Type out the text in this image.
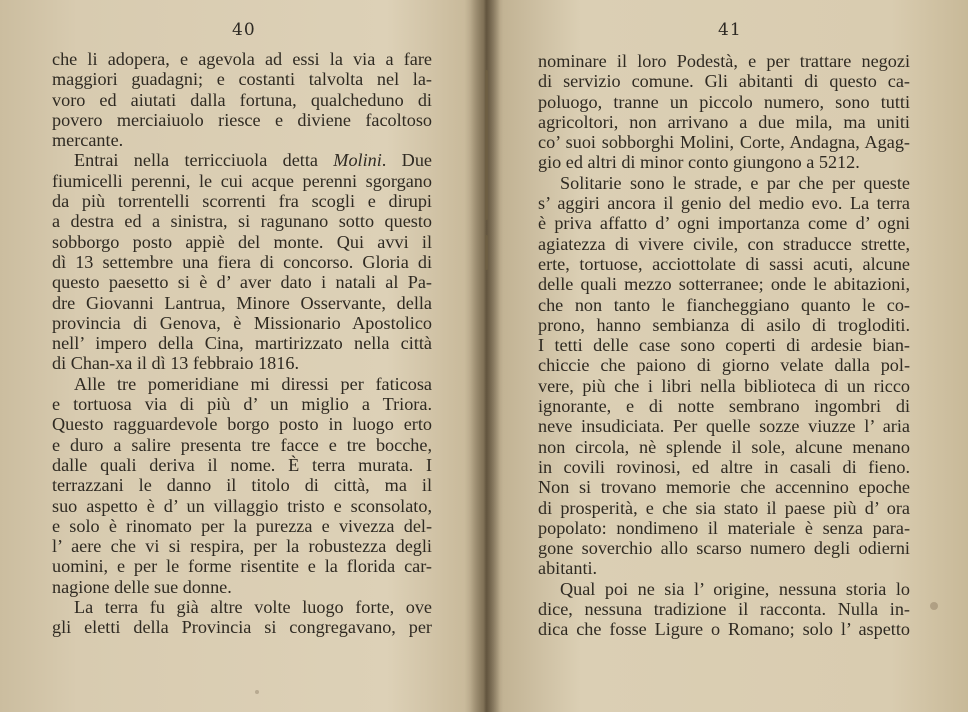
40
che li adopera, e agevola ad essi la via a fare
maggiori guadagni; e costanti talvolta nel la-
voro ed aiutati dalla fortuna, qualcheduno di
povero merciaiuolo riesce e diviene facoltoso
mercante.
Entrai nella terricciuola detta Molini. Due
fiumicelli perenni, le cui acque perenni sgorgano
da più torrentelli scorrenti fra scogli e dirupi
a destra ed a sinistra, si ragunano sotto questo
sobborgo posto appiè del monte. Qui avvi il
dì 13 settembre una fiera di concorso. Gloria di
questo paesetto si è d’ aver dato i natali al Pa-
dre Giovanni Lantrua, Minore Osservante, della
provincia di Genova, è Missionario Apostolico
nell’ impero della Cina, martirizzato nella città
di Chan-xa il dì 13 febbraio 1816.
Alle tre pomeridiane mi diressi per faticosa
e tortuosa via di più d’ un miglio a Triora.
Questo ragguardevole borgo posto in luogo erto
e duro a salire presenta tre facce e tre bocche,
dalle quali deriva il nome. È terra murata. I
terrazzani le danno il titolo di città, ma il
suo aspetto è d’ un villaggio tristo e sconsolato,
e solo è rinomato per la purezza e vivezza del-
l’ aere che vi si respira, per la robustezza degli
uomini, e per le forme risentite e la florida car-
nagione delle sue donne.
La terra fu già altre volte luogo forte, ove
gli eletti della Provincia si congregavano, per
41
nominare il loro Podestà, e per trattare negozi
di servizio comune. Gli abitanti di questo ca-
poluogo, tranne un piccolo numero, sono tutti
agricoltori, non arrivano a due mila, ma uniti
co’ suoi sobborghi Molini, Corte, Andagna, Agag-
gio ed altri di minor conto giungono a 5212.
Solitarie sono le strade, e par che per queste
s’ aggiri ancora il genio del medio evo. La terra
è priva affatto d’ ogni importanza come d’ ogni
agiatezza di vivere civile, con straducce strette,
erte, tortuose, acciottolate di sassi acuti, alcune
delle quali mezzo sotterranee; onde le abitazioni,
che non tanto le fiancheggiano quanto le co-
prono, hanno sembianza di asilo di trogloditi.
I tetti delle case sono coperti di ardesie bian-
chiccie che paiono di giorno velate dalla pol-
vere, più che i libri nella biblioteca di un ricco
ignorante, e di notte sembrano ingombri di
neve insudiciata. Per quelle sozze viuzze l’ aria
non circola, nè splende il sole, alcune menano
in covili rovinosi, ed altre in casali di fieno.
Non si trovano memorie che accennino epoche
di prosperità, e che sia stato il paese più d’ ora
popolato: nondimeno il materiale è senza para-
gone soverchio allo scarso numero degli odierni
abitanti.
Qual poi ne sia l’ origine, nessuna storia lo
dice, nessuna tradizione il racconta. Nulla in-
dica che fosse Ligure o Romano; solo l’ aspetto
